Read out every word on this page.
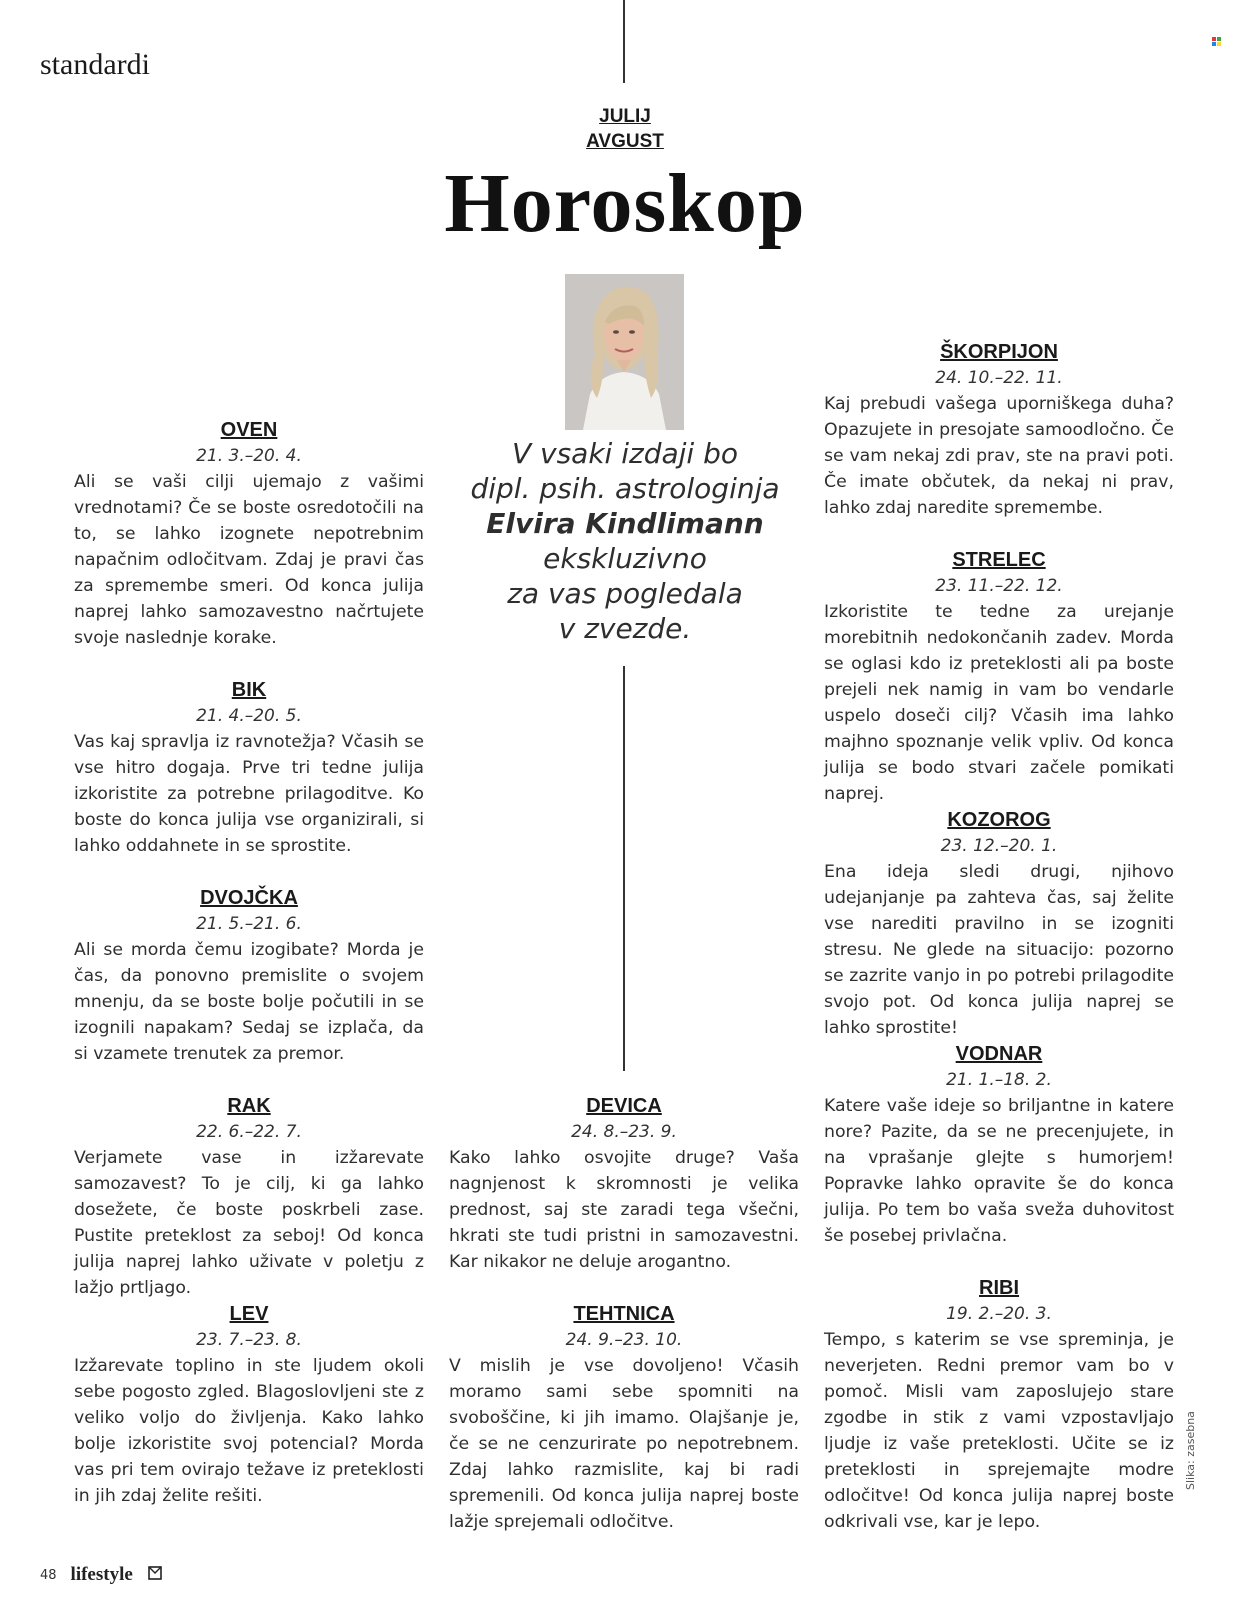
standardi
JULIJ
AVGUST
Horoskop
V vsaki izdaji bo
dipl. psih. astrologinja
Elvira Kindlimann
ekskluzivno
za vas pogledala
v zvezde.
OVEN
21. 3.–20. 4.
Ali se vaši cilji ujemajo z vašimi vrednotami? Če se boste osredotočili na to, se lahko izognete nepotrebnim napačnim odločitvam. Zdaj je pravi čas za spremembe smeri. Od konca julija naprej lahko samozavestno načrtujete svoje naslednje korake.
BIK
21. 4.–20. 5.
Vas kaj spravlja iz ravnotežja? Včasih se vse hitro dogaja. Prve tri tedne julija izkoristite za potrebne prilagoditve. Ko boste do konca julija vse organizirali, si lahko oddahnete in se sprostite.
DVOJČKA
21. 5.–21. 6.
Ali se morda čemu izogibate? Morda je čas, da ponovno premislite o svojem mnenju, da se boste bolje počutili in se izognili napakam? Sedaj se izplača, da si vzamete trenutek za premor.
RAK
22. 6.–22. 7.
Verjamete vase in izžarevate samozavest? To je cilj, ki ga lahko dosežete, če boste poskrbeli zase. Pustite preteklost za seboj! Od konca julija naprej lahko uživate v poletju z lažjo prtljago.
LEV
23. 7.–23. 8.
Izžarevate toplino in ste ljudem okoli sebe pogosto zgled. Blagoslovljeni ste z veliko voljo do življenja. Kako lahko bolje izkoristite svoj potencial? Morda vas pri tem ovirajo težave iz preteklosti in jih zdaj želite rešiti.
DEVICA
24. 8.–23. 9.
Kako lahko osvojite druge? Vaša nagnjenost k skromnosti je velika prednost, saj ste zaradi tega všečni, hkrati ste tudi pristni in samozavestni. Kar nikakor ne deluje arogantno.
TEHTNICA
24. 9.–23. 10.
V mislih je vse dovoljeno! Včasih moramo sami sebe spomniti na svoboščine, ki jih imamo. Olajšanje je, če se ne cenzurirate po nepotrebnem. Zdaj lahko razmislite, kaj bi radi spremenili. Od konca julija naprej boste lažje sprejemali odločitve.
ŠKORPIJON
24. 10.–22. 11.
Kaj prebudi vašega uporniškega duha? Opazujete in presojate samoodločno. Če se vam nekaj zdi prav, ste na pravi poti. Če imate občutek, da nekaj ni prav, lahko zdaj naredite spremembe.
STRELEC
23. 11.–22. 12.
Izkoristite te tedne za urejanje morebitnih nedokončanih zadev. Morda se oglasi kdo iz preteklosti ali pa boste prejeli nek namig in vam bo vendarle uspelo doseči cilj? Včasih ima lahko majhno spoznanje velik vpliv. Od konca julija se bodo stvari začele pomikati naprej.
KOZOROG
23. 12.–20. 1.
Ena ideja sledi drugi, njihovo udejanjanje pa zahteva čas, saj želite vse narediti pravilno in se izogniti stresu. Ne glede na situacijo: pozorno se zazrite vanjo in po potrebi prilagodite svojo pot. Od konca julija naprej se lahko sprostite!
VODNAR
21. 1.–18. 2.
Katere vaše ideje so briljantne in katere nore? Pazite, da se ne precenjujete, in na vprašanje glejte s humorjem! Popravke lahko opravite še do konca julija. Po tem bo vaša sveža duhovitost še posebej privlačna.
RIBI
19. 2.–20. 3.
Tempo, s katerim se vse spreminja, je neverjeten. Redni premor vam bo v pomoč. Misli vam zaposlujejo stare zgodbe in stik z vami vzpostavljajo ljudje iz vaše preteklosti. Učite se iz preteklosti in sprejemajte modre odločitve! Od konca julija naprej boste odkrivali vse, kar je lepo.
Slika: zasebna
48 lifestyle
